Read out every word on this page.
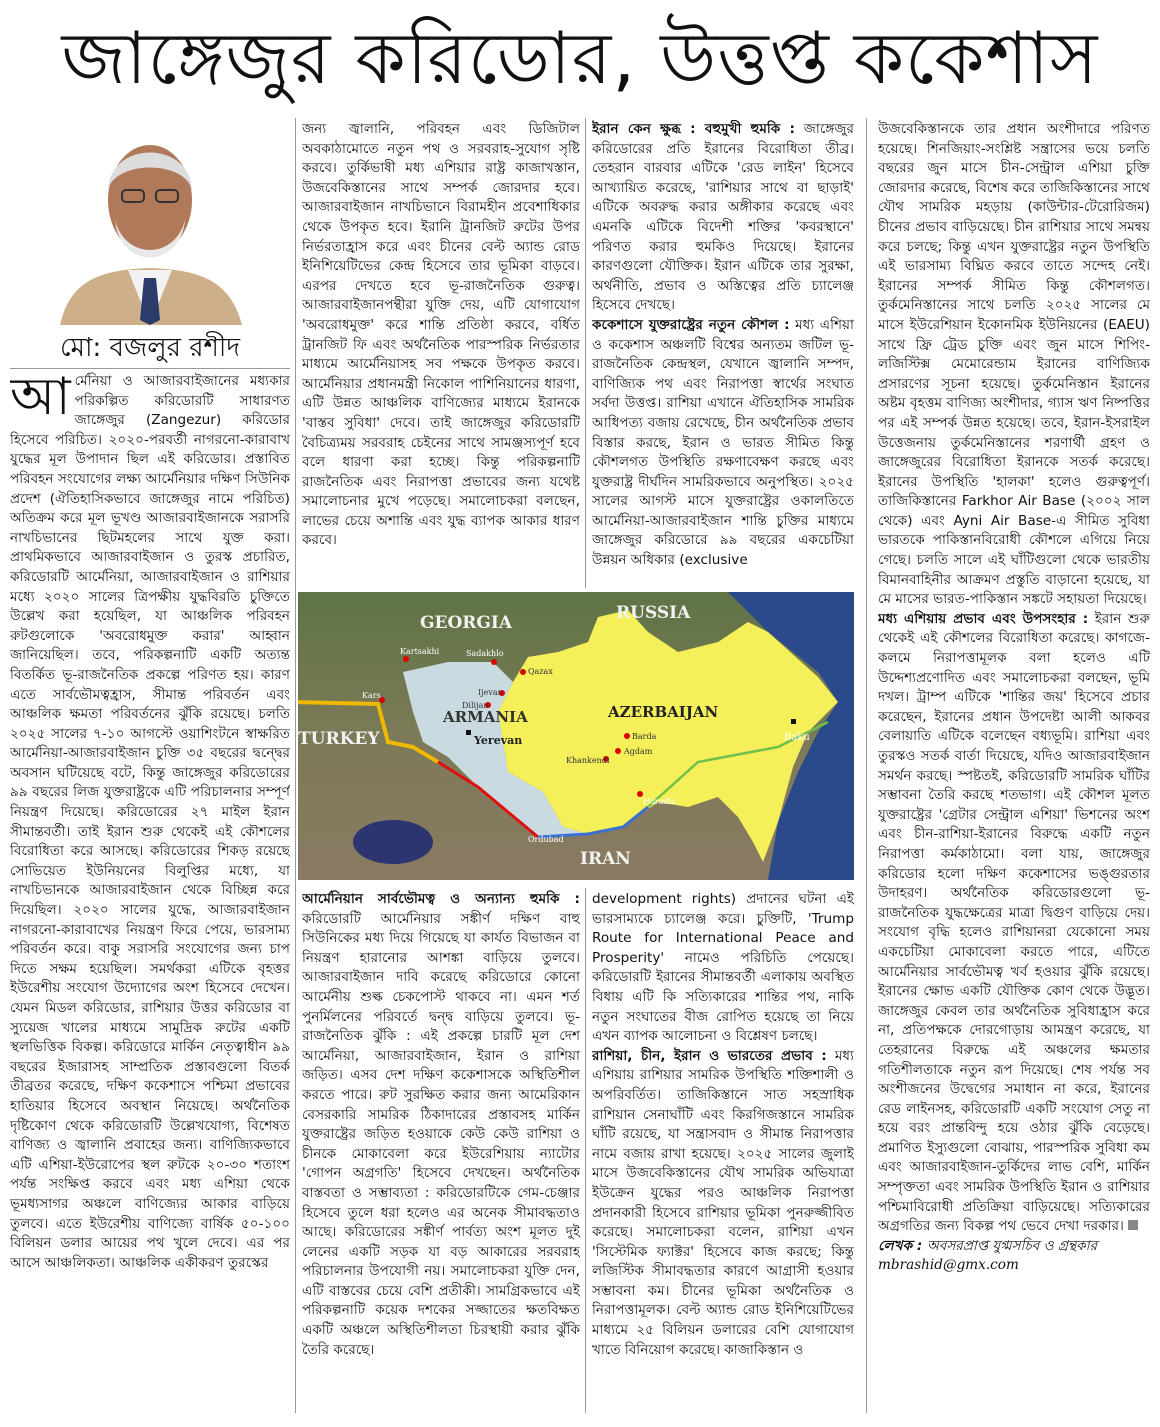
জাঙ্গেজুর করিডোর, উত্তপ্ত ককেশাস
মো: বজলুর রশীদ

আর্মেনিয়া ও আজারবাইজানের মধ্যকার পরিকল্পিত করিডোরটি সাধারণত জাঙ্গেজুর (Zangezur) করিডোর হিসেবে পরিচিত। ২০২০-পরবর্তী নাগরনো-কারাবাখ যুদ্ধের মূল উপাদান ছিল এই করিডোর। প্রস্তাবিত পরিবহন সংযোগের লক্ষ্য আর্মেনিয়ার দক্ষিণ সিউনিক প্রদেশ (ঐতিহাসিকভাবে জাঙ্গেজুর নামে পরিচিত) অতিক্রম করে মূল ভূখণ্ড আজারবাইজানকে সরাসরি নাখচিভানের ছিটমহলের সাথে যুক্ত করা। প্রাথমিকভাবে আজারবাইজান ও তুরস্ক প্রচারিত, করিডোরটি আর্মেনিয়া, আজারবাইজান ও রাশিয়ার মধ্যে ২০২০ সালের ত্রিপক্ষীয় যুদ্ধবিরতি চুক্তিতে উল্লেখ করা হয়েছিল, যা আঞ্চলিক পরিবহন রুটগুলোকে 'অবরোধমুক্ত করার' আহ্বান জানিয়েছিল। তবে, পরিকল্পনাটি একটি অত্যন্ত বিতর্কিত ভূ-রাজনৈতিক প্রকল্পে পরিণত হয়। কারণ এতে সার্বভৌমত্বহ্রাস, সীমান্ত পরিবর্তন এবং আঞ্চলিক ক্ষমতা পরিবর্তনের ঝুঁকি রয়েছে। চলতি ২০২৫ সালের ৭-১০ আগস্টে ওয়াশিংটনে স্বাক্ষরিত আর্মেনিয়া-আজারবাইজান চুক্তি ৩৫ বছরের দ্বন্দ্বের অবসান ঘটিয়েছে বটে, কিন্তু জাঙ্গেজুর করিডোরের ৯৯ বছরের লিজ যুক্তরাষ্ট্রকে এটি পরিচালনার সম্পূর্ণ নিয়ন্ত্রণ দিয়েছে। করিডোরের ২৭ মাইল ইরান সীমান্তবর্তী। তাই ইরান শুরু থেকেই এই কৌশলের বিরোধিতা করে আসছে। করিডোরের শিকড় রয়েছে সোভিয়েত ইউনিয়নের বিলুপ্তির মধ্যে, যা নাখচিভানকে আজারবাইজান থেকে বিচ্ছিন্ন করে দিয়েছিল। ২০২০ সালের যুদ্ধে, আজারবাইজান নাগরনো-কারাবাখের নিয়ন্ত্রণ ফিরে পেয়ে, ভারসাম্য পরিবর্তন করে। বাকু সরাসরি সংযোগের জন্য চাপ দিতে সক্ষম হয়েছিল। সমর্থকরা এটিকে বৃহত্তর ইউরেশীয় সংযোগ উদ্যোগের অংশ হিসেবে দেখেন। যেমন মিডল করিডোর, রাশিয়ার উত্তর করিডোর বা স্যুয়েজ খালের মাধ্যমে সামুদ্রিক রুটের একটি স্থলভিত্তিক বিকল্প। করিডোরে মার্কিন নেতৃত্বাধীন ৯৯ বছরের ইজারাসহ সাম্প্রতিক প্রস্তাবগুলো বিতর্ক তীব্রতর করেছে, দক্ষিণ ককেশাসে পশ্চিমা প্রভাবের হাতিয়ার হিসেবে অবস্থান নিয়েছে। অর্থনৈতিক দৃষ্টিকোণ থেকে করিডোরটি উল্লেখযোগ্য, বিশেষত বাণিজ্য ও জ্বালানি প্রবাহের জন্য। বাণিজ্যিকভাবে এটি এশিয়া-ইউরোপের স্থল রুটকে ২০-৩০ শতাংশ পর্যন্ত সংক্ষিপ্ত করবে এবং মধ্য এশিয়া থেকে ভূমধ্যসাগর অঞ্চলে বাণিজ্যের আকার বাড়িয়ে তুলবে। এতে ইউরেশীয় বাণিজ্যে বার্ষিক ৫০-১০০ বিলিয়ন ডলার আয়ের পথ খুলে দেবে। এর পর আসে আঞ্চলিকতা। আঞ্চলিক একীকরণ তুরস্কের

জন্য জ্বালানি, পরিবহন এবং ডিজিটাল অবকাঠামোতে নতুন পথ ও সরবরাহ-সুযোগ সৃষ্টি করবে। তুর্কিভাষী মধ্য এশিয়ার রাষ্ট্র কাজাখস্তান, উজবেকিস্তানের সাথে সম্পর্ক জোরদার হবে। আজারবাইজান নাখচিভানে বিরামহীন প্রবেশাধিকার থেকে উপকৃত হবে। ইরানি ট্রানজিট রুটের উপর নির্ভরতাহ্রাস করে এবং চীনের বেল্ট অ্যান্ড রোড ইনিশিয়েটিভের কেন্দ্র হিসেবে তার ভূমিকা বাড়বে। এরপর দেখতে হবে ভূ-রাজনৈতিক গুরুত্ব। আজারবাইজানপন্থীরা যুক্তি দেয়, এটি যোগাযোগ 'অবরোধমুক্ত' করে শান্তি প্রতিষ্ঠা করবে, বর্ধিত ট্রানজিট ফি এবং অর্থনৈতিক পারস্পরিক নির্ভরতার মাধ্যমে আর্মেনিয়াসহ সব পক্ষকে উপকৃত করবে। আর্মেনিয়ার প্রধানমন্ত্রী নিকোল পাশিনিয়ানের ধারণা, এটি উন্নত আঞ্চলিক বাণিজ্যের মাধ্যমে ইরানকে 'বাস্তব সুবিধা' দেবে। তাই জাঙ্গেজুর করিডোরটি বৈচিত্র্যময় সরবরাহ চেইনের সাথে সামঞ্জস্যপূর্ণ হবে বলে ধারণা করা হচ্ছে। কিন্তু পরিকল্পনাটি রাজনৈতিক এবং নিরাপত্তা প্রভাবের জন্য যথেষ্ট সমালোচনার মুখে পড়েছে। সমালোচকরা বলছেন, লাভের চেয়ে অশান্তি এবং যুদ্ধ ব্যাপক আকার ধারণ করবে।

ইরান কেন ক্ষুব্ধ : বহুমুখী হুমকি : জাঙ্গেজুর করিডোরের প্রতি ইরানের বিরোধিতা তীব্র। তেহরান বারবার এটিকে 'রেড লাইন' হিসেবে আখ্যায়িত করেছে, 'রাশিয়ার সাথে বা ছাড়াই' এটিকে অবরুদ্ধ করার অঙ্গীকার করেছে এবং এমনকি এটিকে বিদেশী শক্তির 'কবরস্থানে' পরিণত করার হুমকিও দিয়েছে। ইরানের কারণগুলো যৌক্তিক। ইরান এটিকে তার সুরক্ষা, অর্থনীতি, প্রভাব ও অস্তিত্বের প্রতি চ্যালেঞ্জ হিসেবে দেখছে।

ককেশাসে যুক্তরাষ্ট্রের নতুন কৌশল : মধ্য এশিয়া ও ককেশাস অঞ্চলটি বিশ্বের অন্যতম জটিল ভূ-রাজনৈতিক কেন্দ্রস্থল, যেখানে জ্বালানি সম্পদ, বাণিজ্যিক পথ এবং নিরাপত্তা স্বার্থের সংঘাত সর্বদা উত্তপ্ত। রাশিয়া এখানে ঐতিহাসিক সামরিক আধিপত্য বজায় রেখেছে, চীন অর্থনৈতিক প্রভাব বিস্তার করছে, ইরান ও ভারত সীমিত কিন্তু কৌশলগত উপস্থিতি রক্ষণাবেক্ষণ করছে এবং যুক্তরাষ্ট্র দীর্ঘদিন সামরিকভাবে অনুপস্থিত। ২০২৫ সালের আগস্ট মাসে যুক্তরাষ্ট্রের ওকালতিতে আর্মেনিয়া-আজারবাইজান শান্তি চুক্তির মাধ্যমে জাঙ্গেজুর করিডোরে ৯৯ বছরের একচেটিয়া উন্নয়ন অধিকার (exclusive

GEORGIA	RUSSIA
ARMANIA	AZERBAIJAN
TURKEY
IRAN
Yerevan	Baku
Kars
Kartsakhi	Sadakhlo
Qazax
Ijevan
Dilijan
Barda
Agdam
Khankendi
Horadiz
Ordubad

আর্মেনিয়ান সার্বভৌমত্ব ও অন্যান্য হুমকি : করিডোরটি আর্মেনিয়ার সঙ্কীর্ণ দক্ষিণ বাহু সিউনিকের মধ্য দিয়ে গিয়েছে যা কার্যত বিভাজন বা নিয়ন্ত্রণ হারানোর আশঙ্কা বাড়িয়ে তুলবে। আজারবাইজান দাবি করেছে করিডোরে কোনো আর্মেনীয় শুল্ক চেকপোস্ট থাকবে না। এমন শর্ত পুনর্মিলনের পরিবর্তে দ্বন্দ্ব বাড়িয়ে তুলবে। ভূ-রাজনৈতিক ঝুঁকি : এই প্রকল্পে চারটি মূল দেশ আর্মেনিয়া, আজারবাইজান, ইরান ও রাশিয়া জড়িত। এসব দেশ দক্ষিণ ককেশাসকে অস্থিতিশীল করতে পারে। রুট সুরক্ষিত করার জন্য আমেরিকান বেসরকারি সামরিক ঠিকাদারের প্রস্তাবসহ মার্কিন যুক্তরাষ্ট্রের জড়িত হওয়াকে কেউ কেউ রাশিয়া ও চীনকে মোকাবেলা করে ইউরেশিয়ায় ন্যাটোর 'গোপন অগ্রগতি' হিসেবে দেখছেন। অর্থনৈতিক বাস্তবতা ও সম্ভাব্যতা : করিডোরটিকে গেম-চেঞ্জার হিসেবে তুলে ধরা হলেও এর অনেক সীমাবদ্ধতাও আছে। করিডোরের সঙ্কীর্ণ পার্বত্য অংশ মূলত দুই লেনের একটি সড়ক যা বড় আকারের সরবরাহ পরিচালনার উপযোগী নয়। সমালোচকরা যুক্তি দেন, এটি বাস্তবের চেয়ে বেশি প্রতীকী। সামগ্রিকভাবে এই পরিকল্পনাটি কয়েক দশকের সজ্জাতের ক্ষতবিক্ষত একটি অঞ্চলে অস্থিতিশীলতা চিরস্থায়ী করার ঝুঁকি তৈরি করেছে।

development rights) প্রদানের ঘটনা এই ভারসাম্যকে চ্যালেঞ্জ করে। চুক্তিটি, 'Trump Route for International Peace and Prosperity' নামেও পরিচিতি পেয়েছে। করিডোরটি ইরানের সীমান্তবর্তী এলাকায় অবস্থিত বিধায় এটি কি সত্যিকারের শান্তির পথ, নাকি নতুন সংঘাতের বীজ রোপিত হয়েছে তা নিয়ে এখন ব্যাপক আলোচনা ও বিশ্লেষণ চলছে।

রাশিয়া, চীন, ইরান ও ভারতের প্রভাব : মধ্য এশিয়ায় রাশিয়ার সামরিক উপস্থিতি শক্তিশালী ও অপরিবর্তিত। তাজিকিস্তানে সাত সহস্রাধিক রাশিয়ান সেনাঘাঁটি এবং কিরগিজস্তানে সামরিক ঘাঁটি রয়েছে, যা সন্ত্রাসবাদ ও সীমান্ত নিরাপত্তার নামে বজায় রাখা হয়েছে। ২০২৫ সালের জুলাই মাসে উজবেকিস্তানের যৌথ সামরিক অভিযাত্রা ইউক্রেন যুদ্ধের পরও আঞ্চলিক নিরাপত্তা প্রদানকারী হিসেবে রাশিয়ার ভূমিকা পুনরুজ্জীবিত করেছে। সমালোচকরা বলেন, রাশিয়া এখন 'সিস্টেমিক ফ্যাক্টর' হিসেবে কাজ করছে; কিন্তু লজিস্টিক সীমাবদ্ধতার কারণে আগ্রাসী হওয়ার সম্ভাবনা কম। চীনের ভূমিকা অর্থনৈতিক ও নিরাপত্তামূলক। বেল্ট অ্যান্ড রোড ইনিশিয়েটিভের মাধ্যমে ২৫ বিলিয়ন ডলারের বেশি যোগাযোগ খাতে বিনিয়োগ করেছে। কাজাকিস্তান ও

উজবেকিস্তানকে তার প্রধান অংশীদারে পরিণত হয়েছে। শিনজিয়াং-সংশ্লিষ্ট সন্ত্রাসের ভয়ে চলতি বছরের জুন মাসে চীন-সেন্ট্রাল এশিয়া চুক্তি জোরদার করেছে, বিশেষ করে তাজিকিস্তানের সাথে যৌথ সামরিক মহড়ায় (কাউন্টার-টেরোরিজম) চীনের প্রভাব বাড়িয়েছে। চীন রাশিয়ার সাথে সমন্বয় করে চলছে; কিন্তু এখন যুক্তরাষ্ট্রের নতুন উপস্থিতি এই ভারসাম্য বিঘ্নিত করবে তাতে সন্দেহ নেই। ইরানের সম্পর্ক সীমিত কিন্তু কৌশলগত। তুর্কমেনিস্তানের সাথে চলতি ২০২৫ সালের মে মাসে ইউরেশিয়ান ইকোনমিক ইউনিয়নের (EAEU) সাথে ফ্রি ট্রেড চুক্তি এবং জুন মাসে শিপিং-লজিস্টিক্স মেমোরেন্ডাম ইরানের বাণিজ্যিক প্রসারণের সূচনা হয়েছে। তুর্কমেনিস্তান ইরানের অষ্টম বৃহত্তম বাণিজ্য অংশীদার, গ্যাস ঋণ নিষ্পত্তির পর এই সম্পর্ক উন্নত হয়েছে। তবে, ইরান-ইসরাইল উত্তেজনায় তুর্কমেনিস্তানের শরণার্থী গ্রহণ ও জাঙ্গেজুরের বিরোধিতা ইরানকে সতর্ক করেছে। ইরানের উপস্থিতি 'হালকা' হলেও গুরুত্বপূর্ণ। তাজিকিস্তানের Farkhor Air Base (২০০২ সাল থেকে) এবং Ayni Air Base-এ সীমিত সুবিধা ভারতকে পাকিস্তানবিরোধী কৌশলে এগিয়ে নিয়ে গেছে। চলতি সালে এই ঘাঁটিগুলো থেকে ভারতীয় বিমানবাহিনীর আক্রমণ প্রস্তুতি বাড়ানো হয়েছে, যা মে মাসের ভারত-পাকিস্তান সঙ্কটে সহায়তা দিয়েছে।

মধ্য এশিয়ায় প্রভাব এবং উপসংহার : ইরান শুরু থেকেই এই কৌশলের বিরোধিতা করেছে। কাগজে-কলমে নিরাপত্তামূলক বলা হলেও এটি উদ্দেশ্যপ্রণোদিত এবং সমালোচকরা বলছেন, ভূমি দখল। ট্রাম্প এটিকে 'শান্তির জয়' হিসেবে প্রচার করেছেন, ইরানের প্রধান উপদেষ্টা আলী আকবর বেলায়াতি এটিকে বলেছেন বধ্যভূমি। রাশিয়া এবং তুরস্কও সতর্ক বার্তা দিয়েছে, যদিও আজারবাইজান সমর্থন করছে। স্পষ্টতই, করিডোরটি সামরিক ঘাঁটির সম্ভাবনা তৈরি করছে শতভাগ। এই কৌশল মূলত যুক্তরাষ্ট্রের 'গ্রেটার সেন্ট্রাল এশিয়া' ভিশনের অংশ এবং চীন-রাশিয়া-ইরানের বিরুদ্ধে একটি নতুন নিরাপত্তা কর্মকাঠামো। বলা যায়, জাঙ্গেজুর করিডোর হলো দক্ষিণ ককেশাসের ভঙ্গুরতার উদাহরণ। অর্থনৈতিক করিডোরগুলো ভূ-রাজনৈতিক যুদ্ধক্ষেত্রের মাত্রা দ্বিগুণ বাড়িয়ে দেয়। সংযোগ বৃদ্ধি হলেও রাশিয়ানরা যেকোনো সময় একচেটিয়া মোকাবেলা করতে পারে, এটিতে আর্মেনিয়ার সার্বভৌমত্ব খর্ব হওয়ার ঝুঁকি রয়েছে। ইরানের ক্ষোভ একটি যৌক্তিক কোণ থেকে উদ্ভূত। জাঙ্গেজুর কেবল তার অর্থনৈতিক সুবিধাহ্রাস করে না, প্রতিপক্ষকে দোরগোড়ায় আমন্ত্রণ করেছে, যা তেহরানের বিরুদ্ধে এই অঞ্চলের ক্ষমতার গতিশীলতাকে নতুন রূপ দিয়েছে। শেষ পর্যন্ত সব অংশীজনের উদ্বেগের সমাধান না করে, ইরানের রেড লাইনসহ, করিডোরটি একটি সংযোগ সেতু না হয়ে বরং প্রান্তবিন্দু হয়ে ওঠার ঝুঁকি বেড়েছে। প্রমাণিত ইস্যুগুলো বোঝায়, পারস্পরিক সুবিধা কম এবং আজারবাইজান-তুর্কিদের লাভ বেশি, মার্কিন সম্পৃক্ততা এবং সামরিক উপস্থিতি ইরান ও রাশিয়ার পশ্চিমাবিরোধী প্রতিক্রিয়া বাড়িয়েছে। সত্যিকারের অগ্রগতির জন্য বিকল্প পথ ভেবে দেখা দরকার।

লেখক : অবসরপ্রাপ্ত যুগ্মসচিব ও গ্রন্থকার

mbrashid@gmx.com
